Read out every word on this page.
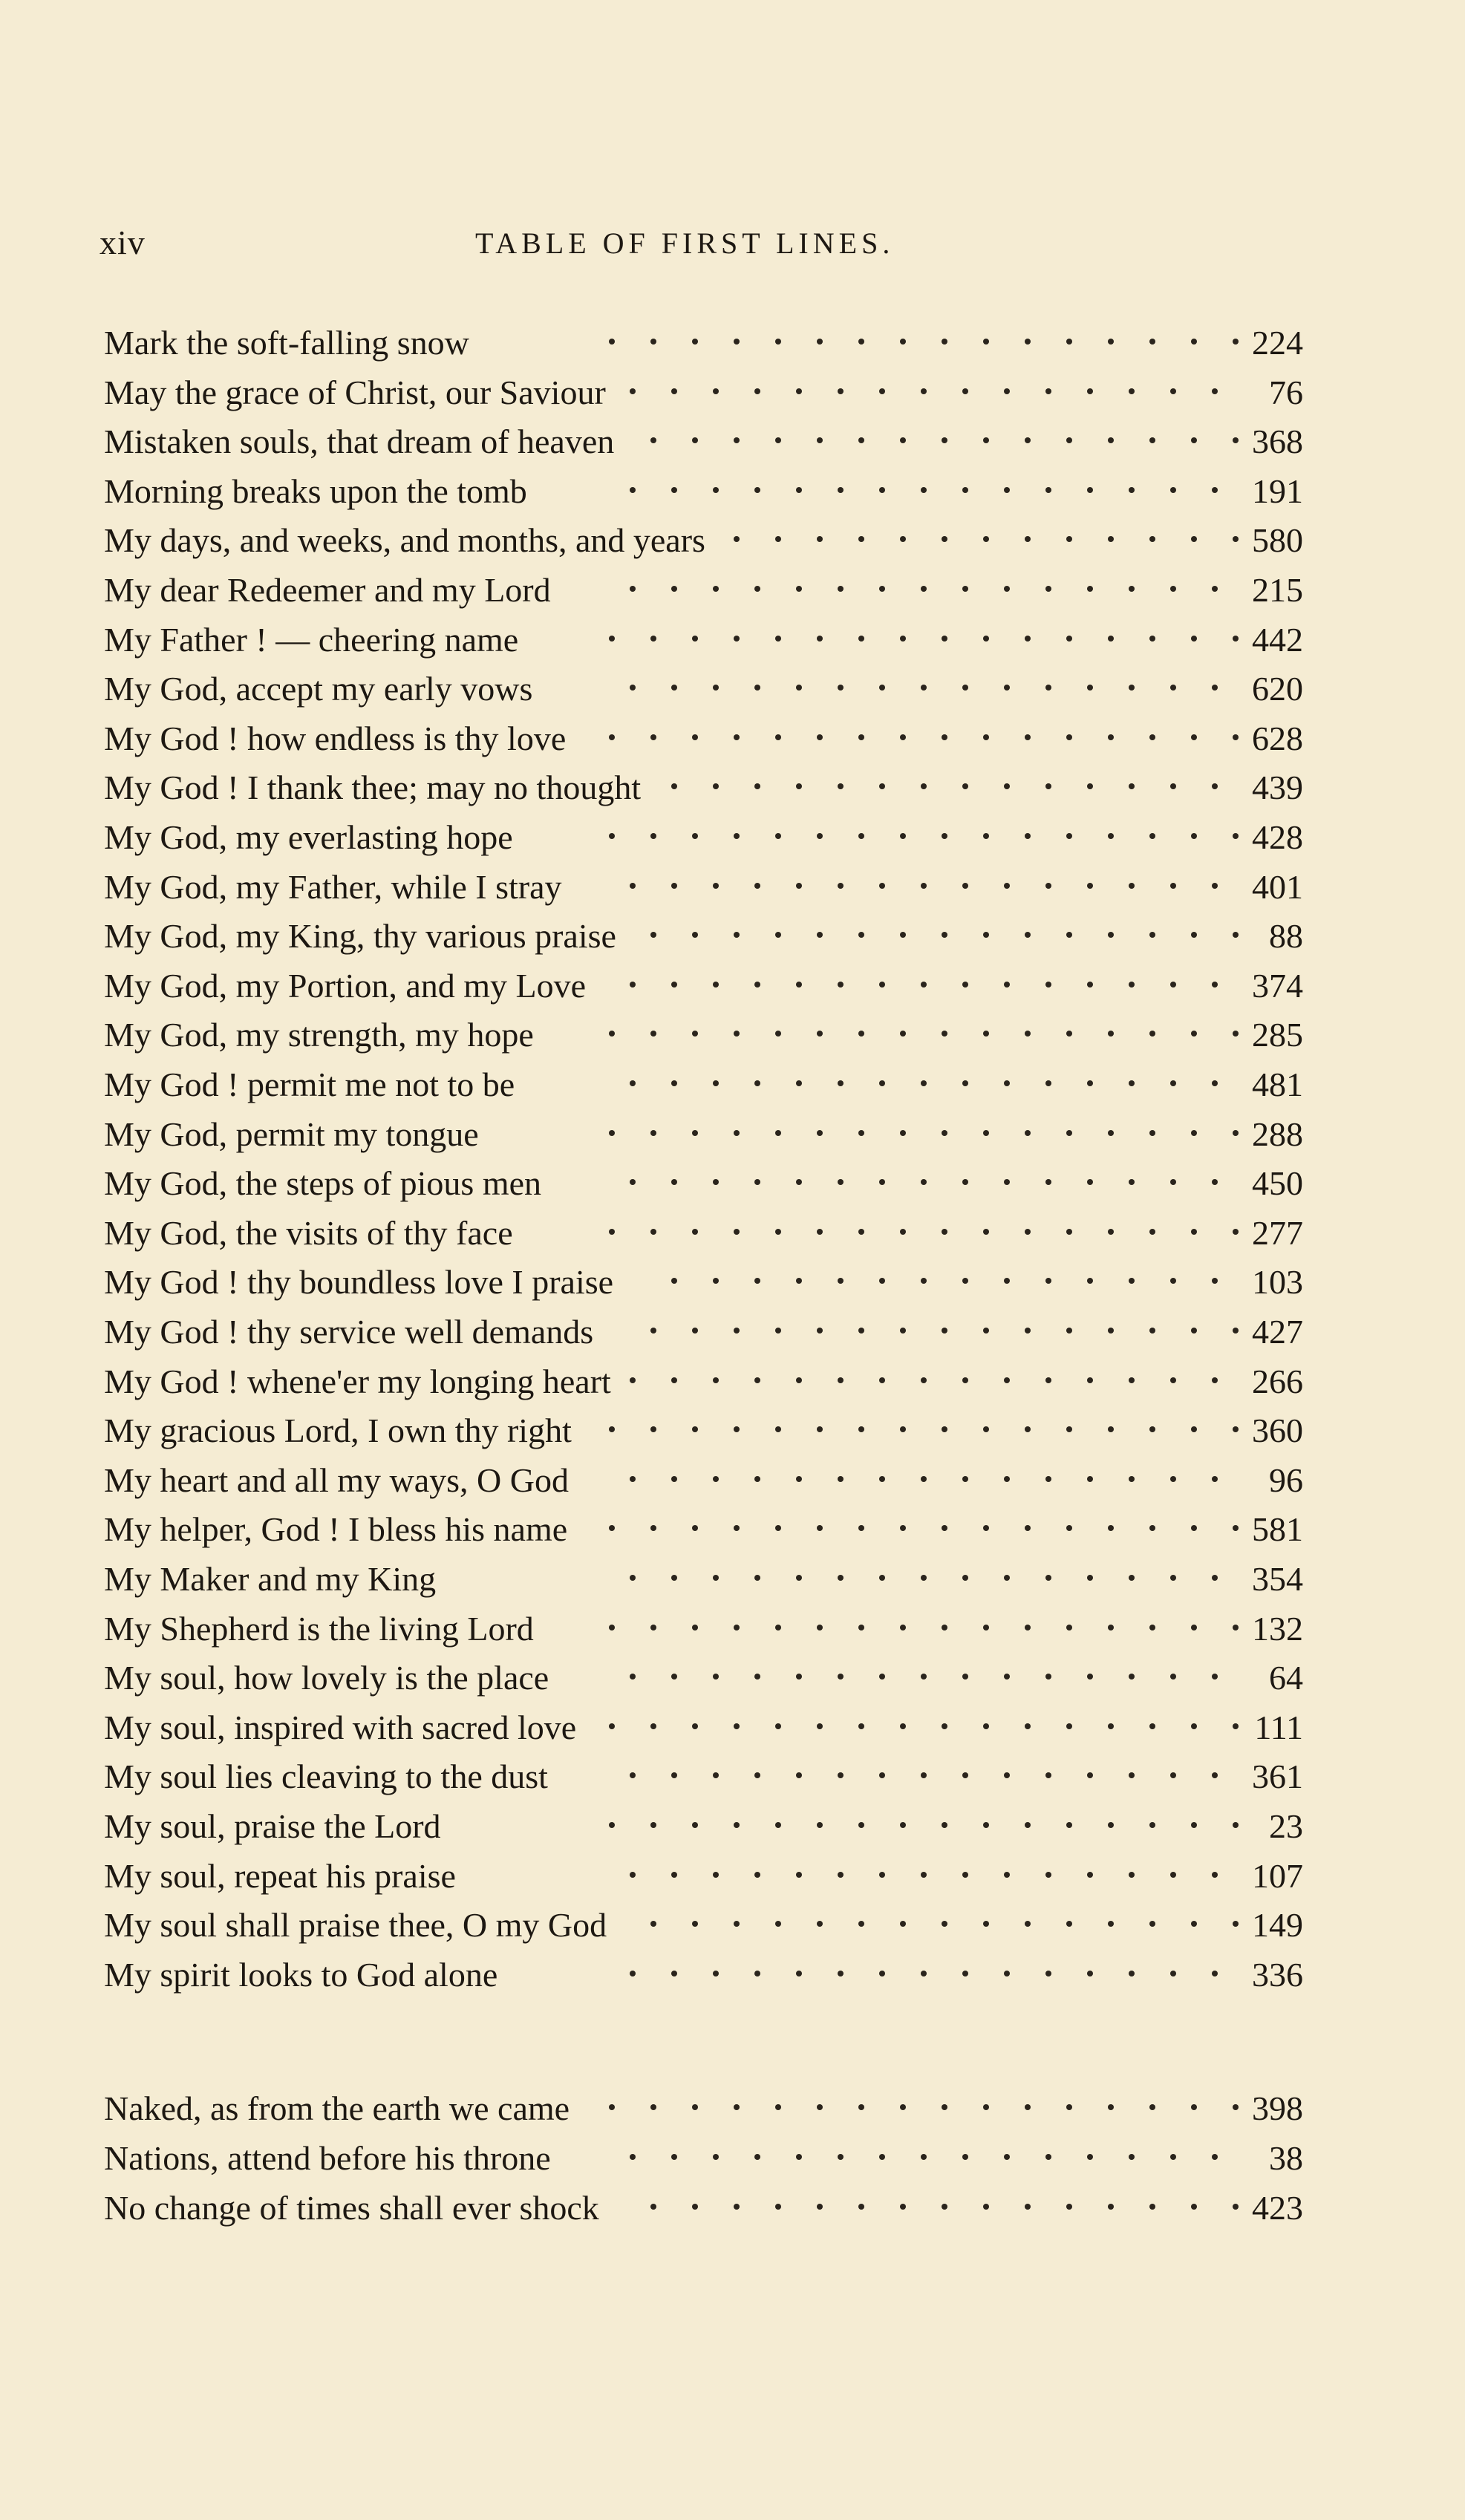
xiv	TABLE OF FIRST LINES.
Mark the soft-falling snow	224
May the grace of Christ, our Saviour	76
Mistaken souls, that dream of heaven	368
Morning breaks upon the tomb	191
My days, and weeks, and months, and years	580
My dear Redeemer and my Lord	215
My Father ! — cheering name	442
My God, accept my early vows	620
My God ! how endless is thy love	628
My God ! I thank thee; may no thought	439
My God, my everlasting hope	428
My God, my Father, while I stray	401
My God, my King, thy various praise	88
My God, my Portion, and my Love	374
My God, my strength, my hope	285
My God ! permit me not to be	481
My God, permit my tongue	288
My God, the steps of pious men	450
My God, the visits of thy face	277
My God ! thy boundless love I praise	103
My God ! thy service well demands	427
My God ! whene'er my longing heart	266
My gracious Lord, I own thy right	360
My heart and all my ways, O God	96
My helper, God ! I bless his name	581
My Maker and my King	354
My Shepherd is the living Lord	132
My soul, how lovely is the place	64
My soul, inspired with sacred love	111
My soul lies cleaving to the dust	361
My soul, praise the Lord	23
My soul, repeat his praise	107
My soul shall praise thee, O my God	149
My spirit looks to God alone	336
Naked, as from the earth we came	398
Nations, attend before his throne	38
No change of times shall ever shock	423
